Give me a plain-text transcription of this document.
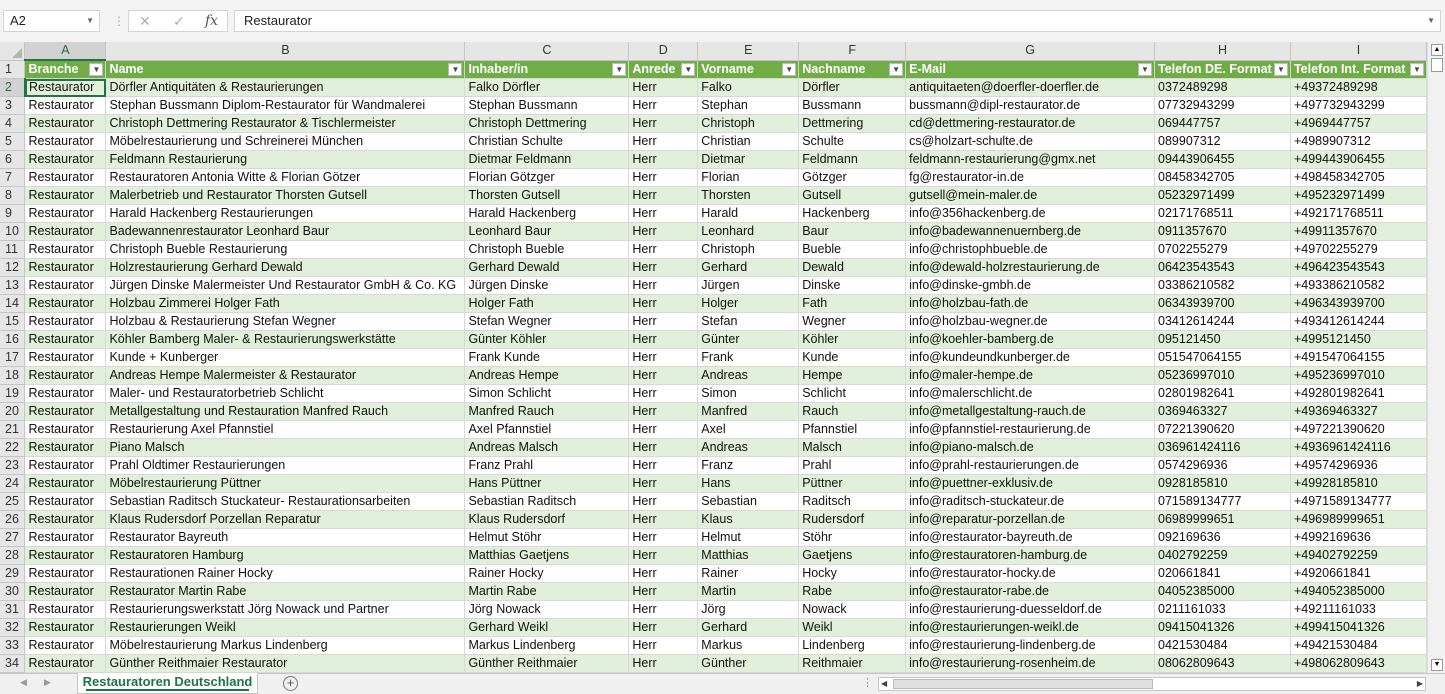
A2	▼ ⋮ ✕ ✓ fx	Restaurator	▼
	A	B	C	D	E	F	G	H	I
1	Branche ▼	Name ▼	Inhaber/in ▼	Anrede ▼	Vorname ▼	Nachname ▼	E-Mail ▼	Telefon DE. Format ▼	Telefon Int. Format ▼

2	Restaurator	Dörfler Antiquitäten & Restaurierungen	Falko Dörfler	Herr	Falko	Dörfler	antiquitaeten@doerfler-doerfler.de	0372489298	+49372489298
3	Restaurator	Stephan Bussmann Diplom-Restaurator für Wandmalerei	Stephan Bussmann	Herr	Stephan	Bussmann	bussmann@dipl-restaurator.de	07732943299	+497732943299
4	Restaurator	Christoph Dettmering Restaurator & Tischlermeister	Christoph Dettmering	Herr	Christoph	Dettmering	cd@dettmering-restaurator.de	069447757	+4969447757
5	Restaurator	Möbelrestaurierung und Schreinerei München	Christian Schulte	Herr	Christian	Schulte	cs@holzart-schulte.de	089907312	+4989907312
6	Restaurator	Feldmann Restaurierung	Dietmar Feldmann	Herr	Dietmar	Feldmann	feldmann-restaurierung@gmx.net	09443906455	+499443906455
7	Restaurator	Restauratoren Antonia Witte & Florian Götzer	Florian Götzger	Herr	Florian	Götzger	fg@restaurator-in.de	08458342705	+498458342705
8	Restaurator	Malerbetrieb und Restaurator Thorsten Gutsell	Thorsten Gutsell	Herr	Thorsten	Gutsell	gutsell@mein-maler.de	05232971499	+495232971499
9	Restaurator	Harald Hackenberg Restaurierungen	Harald Hackenberg	Herr	Harald	Hackenberg	info@356hackenberg.de	02171768511	+492171768511
10	Restaurator	Badewannenrestaurator Leonhard Baur	Leonhard Baur	Herr	Leonhard	Baur	info@badewannenuernberg.de	0911357670	+49911357670
11	Restaurator	Christoph Bueble Restaurierung	Christoph Bueble	Herr	Christoph	Bueble	info@christophbueble.de	0702255279	+49702255279
12	Restaurator	Holzrestaurierung Gerhard Dewald	Gerhard Dewald	Herr	Gerhard	Dewald	info@dewald-holzrestaurierung.de	06423543543	+496423543543
13	Restaurator	Jürgen Dinske Malermeister Und Restaurator GmbH & Co. KG	Jürgen Dinske	Herr	Jürgen	Dinske	info@dinske-gmbh.de	03386210582	+493386210582
14	Restaurator	Holzbau Zimmerei Holger Fath	Holger Fath	Herr	Holger	Fath	info@holzbau-fath.de	06343939700	+496343939700
15	Restaurator	Holzbau & Restaurierung Stefan Wegner	Stefan Wegner	Herr	Stefan	Wegner	info@holzbau-wegner.de	03412614244	+493412614244
16	Restaurator	Köhler Bamberg Maler- & Restaurierungswerkstätte	Günter Köhler	Herr	Günter	Köhler	info@koehler-bamberg.de	095121450	+4995121450
17	Restaurator	Kunde + Kunberger	Frank Kunde	Herr	Frank	Kunde	info@kundeundkunberger.de	051547064155	+491547064155
18	Restaurator	Andreas Hempe Malermeister & Restaurator	Andreas Hempe	Herr	Andreas	Hempe	info@maler-hempe.de	05236997010	+495236997010
19	Restaurator	Maler- und Restauratorbetrieb Schlicht	Simon Schlicht	Herr	Simon	Schlicht	info@malerschlicht.de	02801982641	+492801982641
20	Restaurator	Metallgestaltung und Restauration Manfred Rauch	Manfred Rauch	Herr	Manfred	Rauch	info@metallgestaltung-rauch.de	0369463327	+49369463327
21	Restaurator	Restaurierung Axel Pfannstiel	Axel Pfannstiel	Herr	Axel	Pfannstiel	info@pfannstiel-restaurierung.de	07221390620	+497221390620
22	Restaurator	Piano Malsch	Andreas Malsch	Herr	Andreas	Malsch	info@piano-malsch.de	036961424116	+4936961424116
23	Restaurator	Prahl Oldtimer Restaurierungen	Franz Prahl	Herr	Franz	Prahl	info@prahl-restaurierungen.de	0574296936	+49574296936
24	Restaurator	Möbelrestaurierung Püttner	Hans Püttner	Herr	Hans	Püttner	info@puettner-exklusiv.de	0928185810	+49928185810
25	Restaurator	Sebastian Raditsch Stuckateur- Restaurationsarbeiten	Sebastian Raditsch	Herr	Sebastian	Raditsch	info@raditsch-stuckateur.de	071589134777	+4971589134777
26	Restaurator	Klaus Rudersdorf Porzellan Reparatur	Klaus Rudersdorf	Herr	Klaus	Rudersdorf	info@reparatur-porzellan.de	06989999651	+496989999651
27	Restaurator	Restaurator Bayreuth	Helmut Stöhr	Herr	Helmut	Stöhr	info@restaurator-bayreuth.de	092169636	+4992169636
28	Restaurator	Restauratoren Hamburg	Matthias Gaetjens	Herr	Matthias	Gaetjens	info@restauratoren-hamburg.de	0402792259	+49402792259
29	Restaurator	Restaurationen Rainer Hocky	Rainer Hocky	Herr	Rainer	Hocky	info@restaurator-hocky.de	020661841	+4920661841
30	Restaurator	Restaurator Martin Rabe	Martin Rabe	Herr	Martin	Rabe	info@restaurator-rabe.de	04052385000	+494052385000
31	Restaurator	Restaurierungswerkstatt Jörg Nowack und Partner	Jörg Nowack	Herr	Jörg	Nowack	info@restaurierung-duesseldorf.de	0211161033	+49211161033
32	Restaurator	Restaurierungen Weikl	Gerhard Weikl	Herr	Gerhard	Weikl	info@restaurierungen-weikl.de	09415041326	+499415041326
33	Restaurator	Möbelrestaurierung Markus Lindenberg	Markus Lindenberg	Herr	Markus	Lindenberg	info@restaurierung-lindenberg.de	0421530484	+49421530484
34	Restaurator	Günther Reithmaier Restaurator	Günther Reithmaier	Herr	Günther	Reithmaier	info@restaurierung-rosenheim.de	08062809643	+498062809643
▲
▼
◀ ▶	Restauratoren Deutschland	+	⋮ ◀	▶
